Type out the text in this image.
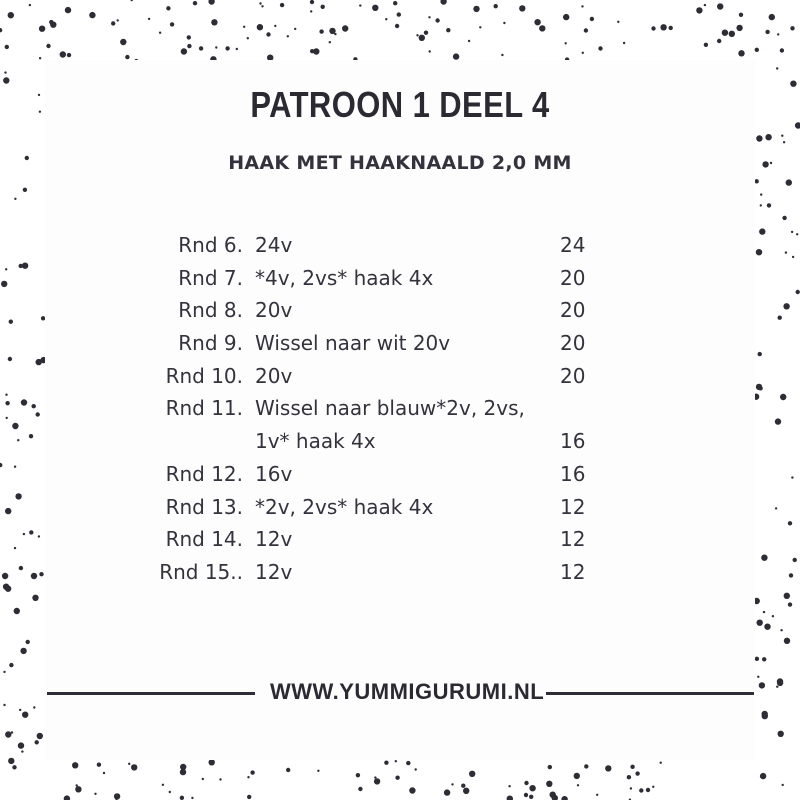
PATROON 1 DEEL 4
HAAK MET HAAKNAALD 2,0 MM
Rnd 6. 24v	24
Rnd 7. *4v, 2vs* haak 4x	20
Rnd 8. 20v	20
Rnd 9. Wissel naar wit 20v	20
Rnd 10. 20v	20
Rnd 11. Wissel naar blauw*2v, 2vs,
1v* haak 4x	16
Rnd 12. 16v	16
Rnd 13. *2v, 2vs* haak 4x	12
Rnd 14. 12v	12
Rnd 15.. 12v	12
WWW.YUMMIGURUMI.NL
